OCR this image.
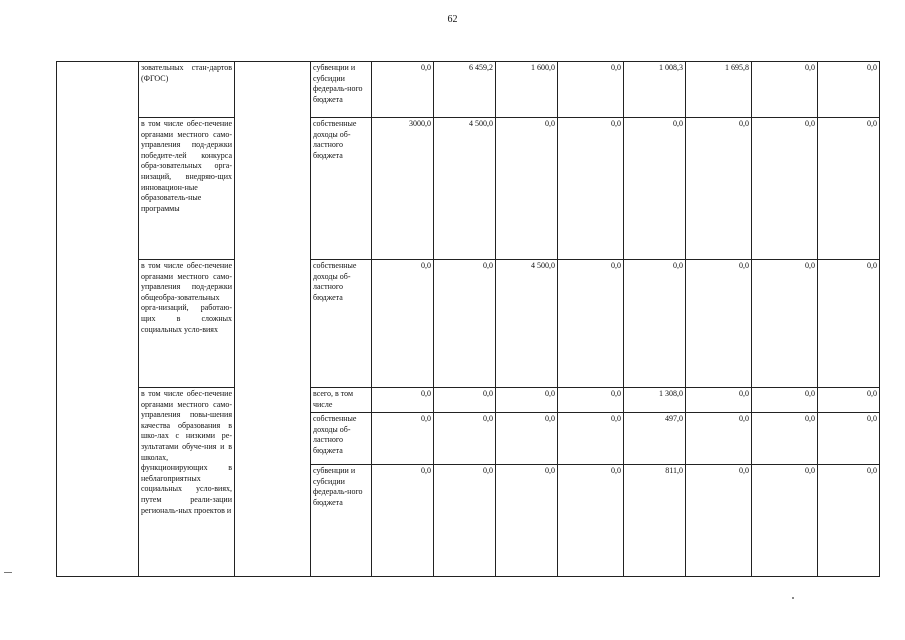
62
	зовательных стан-дартов (ФГОС)		субвенции и субсидии федераль-ного бюджета	0,0	6 459,2	1 600,0	0,0	1 008,3	1 695,8	0,0	0,0
	в том числе обес-печение органами местного само-управления под-держки победите-лей конкурса обра-зовательных орга-низаций, внедряю-щих инновацион-ные образователь-ные программы		собственные доходы об-ластного бюджета	3000,0	4 500,0	0,0	0,0	0,0	0,0	0,0	0,0
	в том числе обес-печение органами местного само-управления под-держки общеобра-зовательных орга-низаций, работаю-щих в сложных социальных усло-виях		собственные доходы об-ластного бюджета	0,0	0,0	4 500,0	0,0	0,0	0,0	0,0	0,0
	в том числе обес-печение органами местного само-управления повы-шения качества образования в шко-лах с низкими ре-зультатами обуче-ния и в школах, функционирующих в неблагоприятных социальных усло-виях, путем реали-зации региональ-ных проектов и		всего, в том числе	0,0	0,0	0,0	0,0	1 308,0	0,0	0,0	0,0
			собственные доходы об-ластного бюджета	0,0	0,0	0,0	0,0	497,0	0,0	0,0	0,0
			субвенции и субсидии федераль-ного бюджета	0,0	0,0	0,0	0,0	811,0	0,0	0,0	0,0
